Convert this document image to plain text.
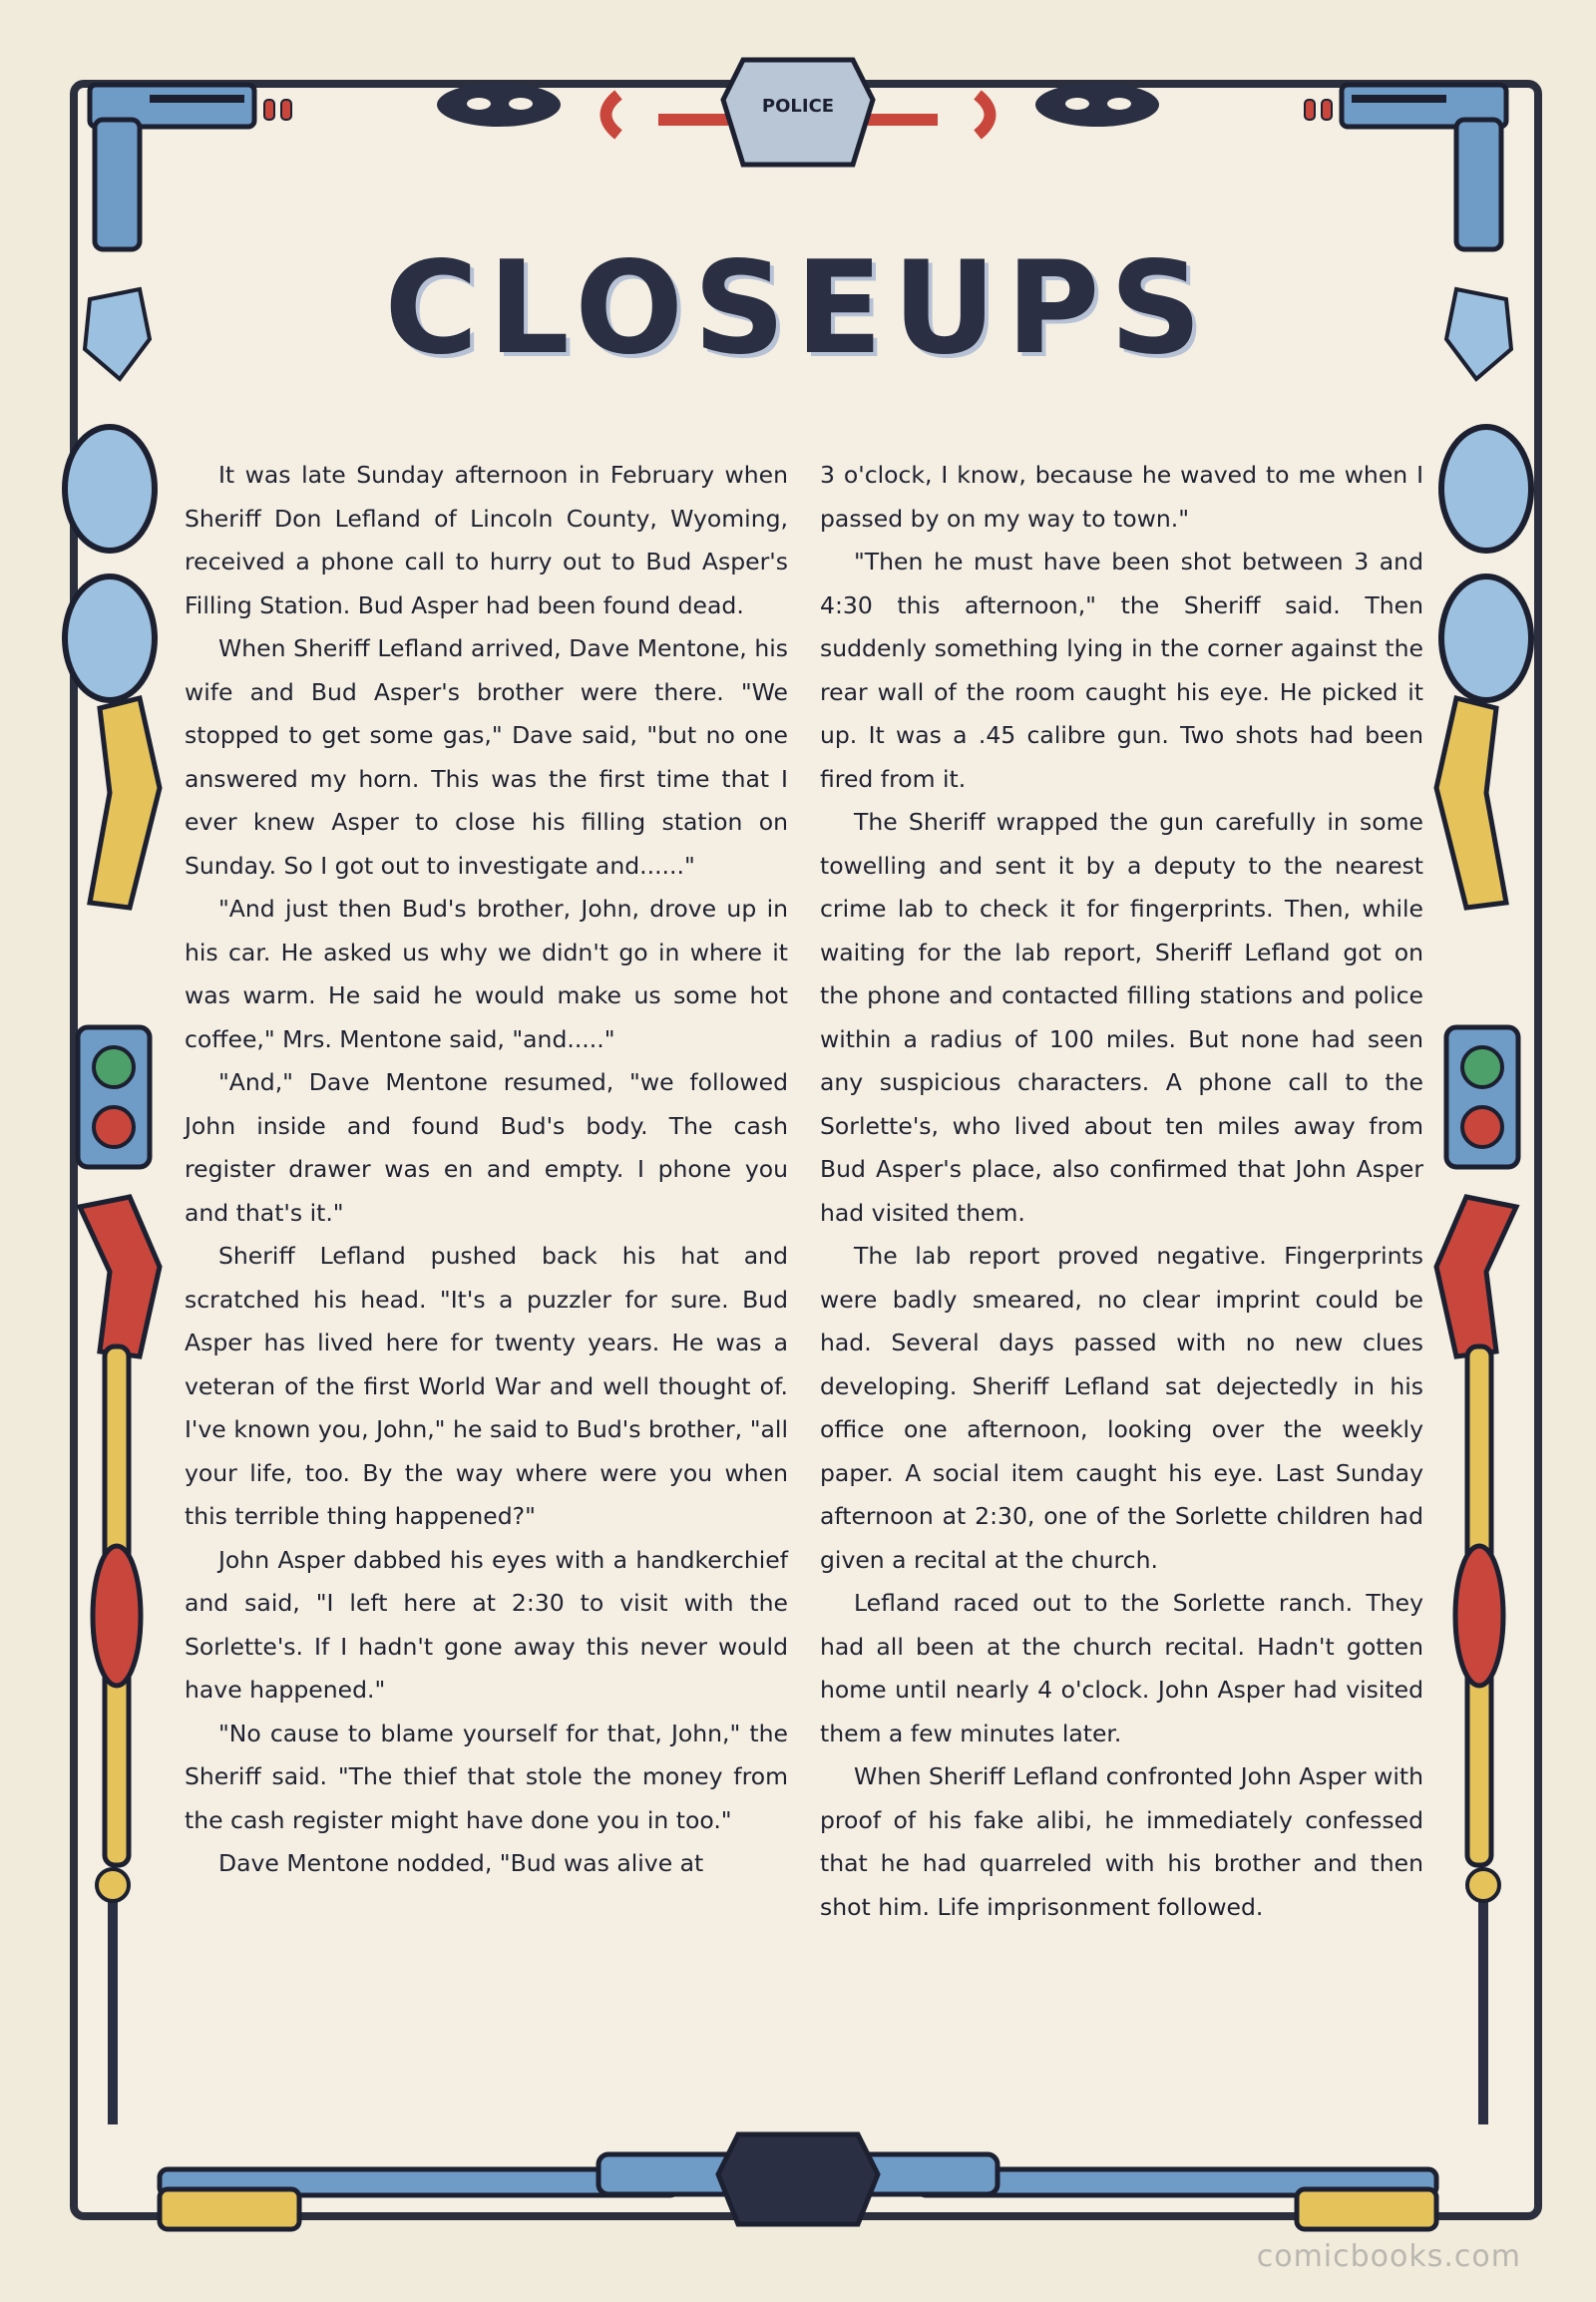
POLICE
CLOSEUPS

It was late Sunday afternoon in February when Sheriff Don Lefland of Lincoln County, Wyoming, received a phone call to hurry out to Bud Asper's Filling Station. Bud Asper had been found dead.

When Sheriff Lefland arrived, Dave Mentone, his wife and Bud Asper's brother were there. "We stopped to get some gas," Dave said, "but no one answered my horn. This was the first time that I ever knew Asper to close his filling station on Sunday. So I got out to investigate and......"

"And just then Bud's brother, John, drove up in his car. He asked us why we didn't go in where it was warm. He said he would make us some hot coffee," Mrs. Mentone said, "and....."

"And," Dave Mentone resumed, "we followed John inside and found Bud's body. The cash register drawer was en and empty. I phone you and that's it."

Sheriff Lefland pushed back his hat and scratched his head. "It's a puzzler for sure. Bud Asper has lived here for twenty years. He was a veteran of the first World War and well thought of. I've known you, John," he said to Bud's brother, "all your life, too. By the way where were you when this terrible thing happened?"

John Asper dabbed his eyes with a handkerchief and said, "I left here at 2:30 to visit with the Sorlette's. If I hadn't gone away this never would have happened."

"No cause to blame yourself for that, John," the Sheriff said. "The thief that stole the money from the cash register might have done you in too."

Dave Mentone nodded, "Bud was alive at

3 o'clock, I know, because he waved to me when I passed by on my way to town."

"Then he must have been shot between 3 and 4:30 this afternoon," the Sheriff said. Then suddenly something lying in the corner against the rear wall of the room caught his eye. He picked it up. It was a .45 calibre gun. Two shots had been fired from it.

The Sheriff wrapped the gun carefully in some towelling and sent it by a deputy to the nearest crime lab to check it for fingerprints. Then, while waiting for the lab report, Sheriff Lefland got on the phone and contacted filling stations and police within a radius of 100 miles. But none had seen any suspicious characters. A phone call to the Sorlette's, who lived about ten miles away from Bud Asper's place, also confirmed that John Asper had visited them.

The lab report proved negative. Fingerprints were badly smeared, no clear imprint could be had. Several days passed with no new clues developing. Sheriff Lefland sat dejectedly in his office one afternoon, looking over the weekly paper. A social item caught his eye. Last Sunday afternoon at 2:30, one of the Sorlette children had given a recital at the church.

Lefland raced out to the Sorlette ranch. They had all been at the church recital. Hadn't gotten home until nearly 4 o'clock. John Asper had visited them a few minutes later.

When Sheriff Lefland confronted John Asper with proof of his fake alibi, he immediately confessed that he had quarreled with his brother and then shot him. Life imprisonment followed.

comicbooks.com
